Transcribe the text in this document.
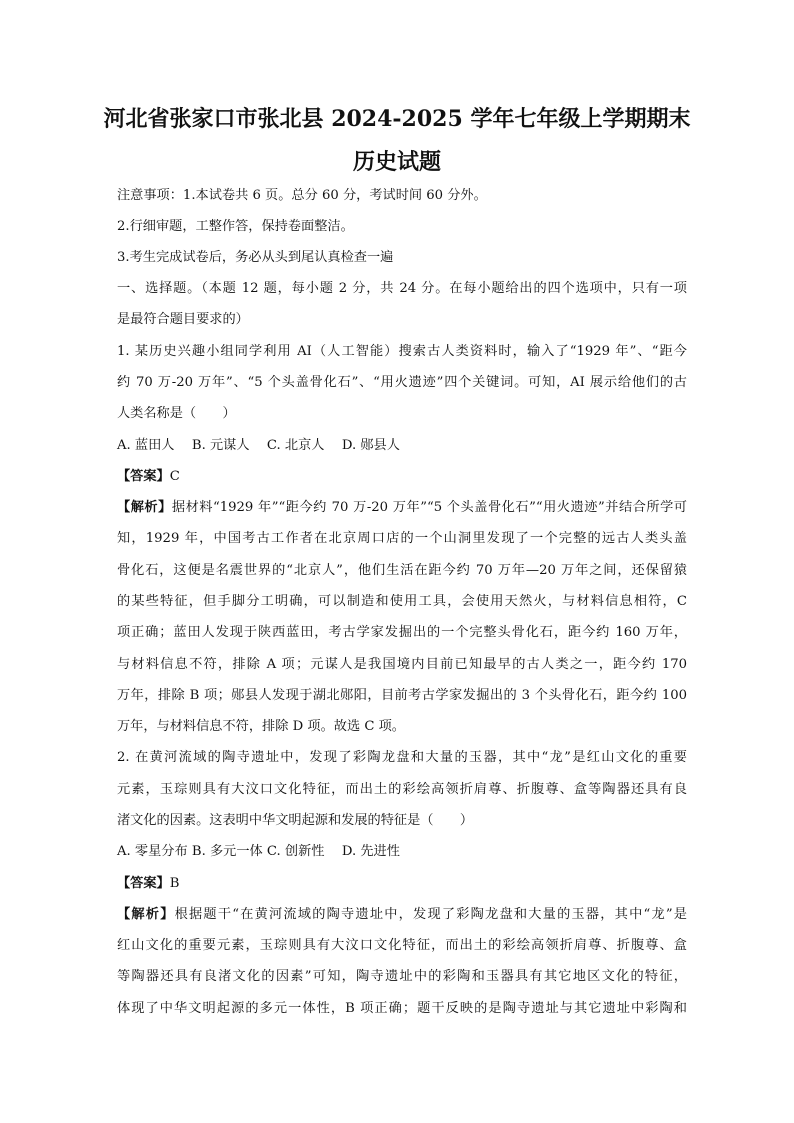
河北省张家口市张北县 2024-2025 学年七年级上学期期末
历史试题
注意事项：1.本试卷共 6 页。总分 60 分，考试时间 60 分外。
2.行细审题，工整作答，保持卷面整洁。
3.考生完成试卷后，务必从头到尾认真检查一遍
一、选择题。（本题 12 题，每小题 2 分，共 24 分。在每小题给出的四个选项中，只有一项
是最符合题目要求的）
1. 某历史兴趣小组同学利用 AI（人工智能）搜索古人类资料时，输入了“1929 年”、“距今
约 70 万-20 万年”、“5 个头盖骨化石”、“用火遗迹”四个关键词。可知，AI 展示给他们的古
人类名称是（　　）
A. 蓝田人　 B. 元谋人　 C. 北京人　 D. 郧县人
【答案】C
【解析】据材料“1929 年”“距今约 70 万-20 万年”“5 个头盖骨化石”“用火遗迹”并结合所学可
知，1929 年，中国考古工作者在北京周口店的一个山洞里发现了一个完整的远古人类头盖
骨化石，这便是名震世界的“北京人”，他们生活在距今约 70 万年—20 万年之间，还保留猿
的某些特征，但手脚分工明确，可以制造和使用工具，会使用天然火，与材料信息相符，C
项正确；蓝田人发现于陕西蓝田，考古学家发掘出的一个完整头骨化石，距今约 160 万年，
与材料信息不符，排除 A 项；元谋人是我国境内目前已知最早的古人类之一，距今约 170
万年，排除 B 项；郧县人发现于湖北郧阳，目前考古学家发掘出的 3 个头骨化石，距今约 100
万年，与材料信息不符，排除 D 项。故选 C 项。
2. 在黄河流域的陶寺遗址中，发现了彩陶龙盘和大量的玉器，其中“龙”是红山文化的重要
元素，玉琮则具有大汶口文化特征，而出土的彩绘高领折肩尊、折腹尊、盒等陶器还具有良
渚文化的因素。这表明中华文明起源和发展的特征是（　　）
A. 零星分布 B. 多元一体 C. 创新性　 D. 先进性
【答案】B
【解析】根据题干“在黄河流域的陶寺遗址中，发现了彩陶龙盘和大量的玉器，其中“龙”是
红山文化的重要元素，玉琮则具有大汶口文化特征，而出土的彩绘高领折肩尊、折腹尊、盒
等陶器还具有良渚文化的因素”可知，陶寺遗址中的彩陶和玉器具有其它地区文化的特征，
体现了中华文明起源的多元一体性，B 项正确；题干反映的是陶寺遗址与其它遗址中彩陶和
